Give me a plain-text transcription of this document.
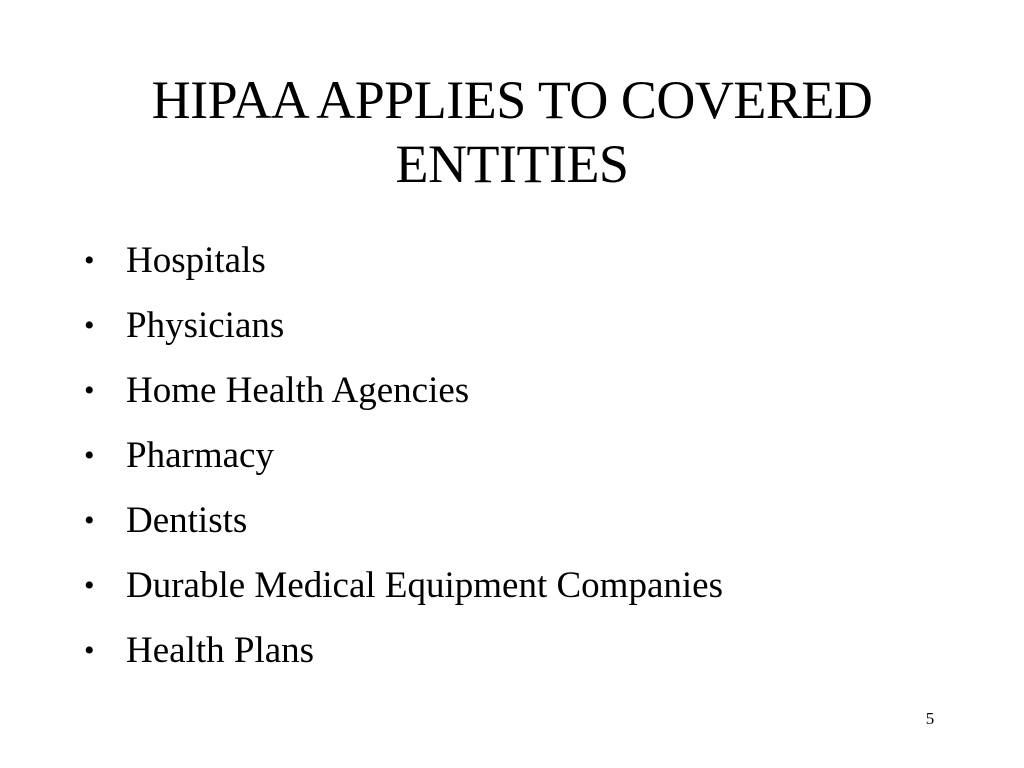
HIPAA APPLIES TO COVERED ENTITIES
• Hospitals
• Physicians
• Home Health Agencies
• Pharmacy
• Dentists
• Durable Medical Equipment Companies
• Health Plans
5
